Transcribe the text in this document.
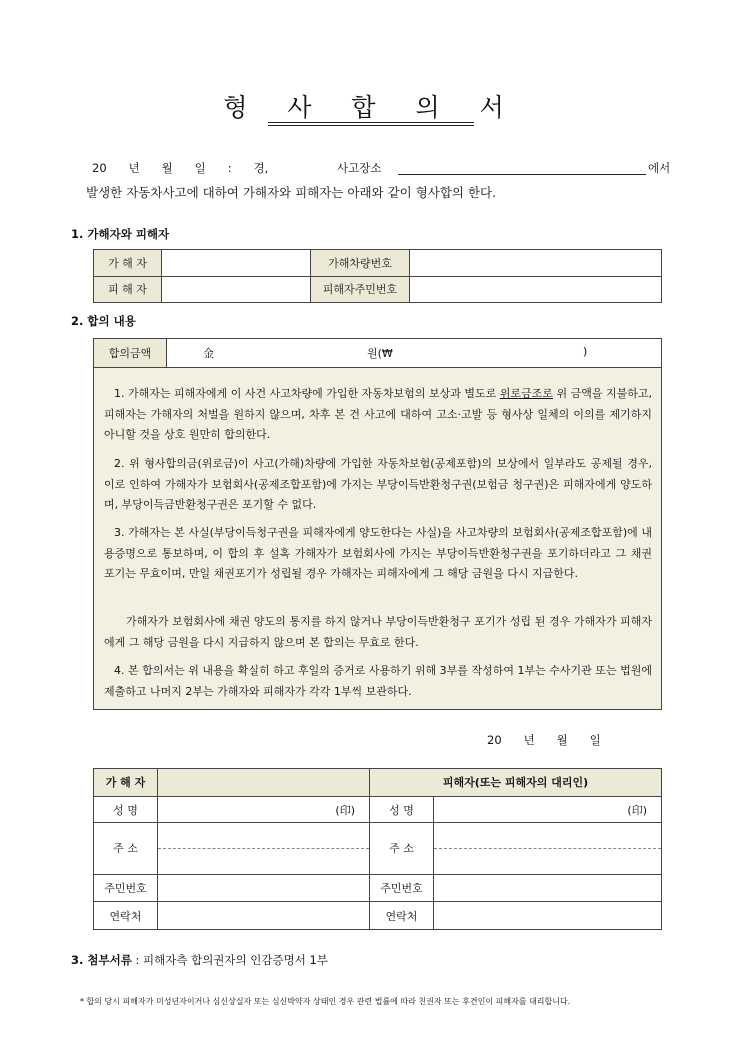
형 사 합 의 서
20      년      월      일      :      경,	사고장소	에서
발생한 자동차사고에 대하여 가해자와 피해자는 아래와 같이 형사합의 한다.
1. 가해자와 피해자
가 해 자		가해차량번호	
피 해 자		피해자주민번호	
2. 합의 내용
합의금액	金	원(₩	)
1. 가해자는 피해자에게 이 사건 사고차량에 가입한 자동차보험의 보상과 별도로 위로금조로 위 금액을 지불하고, 피해자는 가해자의 처벌을 원하지 않으며, 차후 본 건 사고에 대하여 고소·고발 등 형사상 일체의 이의를 제기하지 아니할 것을 상호 원만히 합의한다.
2. 위 형사합의금(위로금)이 사고(가해)차량에 가입한 자동차보험(공제포함)의 보상에서 일부라도 공제될 경우, 이로 인하여 가해자가 보험회사(공제조합포함)에 가지는 부당이득반환청구권(보험금 청구권)은 피해자에게 양도하며, 부당이득금반환청구권은 포기할 수 없다.
3. 가해자는 본 사실(부당이득청구권을 피해자에게 양도한다는 사실)을 사고차량의 보험회사(공제조합포함)에 내용증명으로 통보하며, 이 합의 후 설혹 가해자가 보험회사에 가지는 부당이득반환청구권을 포기하더라고 그 채권 포기는 무효이며, 만일 채권포기가 성립될 경우 가해자는 피해자에게 그 해당 금원을 다시 지급한다.
가해자가 보험회사에 채권 양도의 통지를 하지 않거나 부당이득반환청구 포기가 성립 된 경우 가해자가 피해자에게 그 해당 금원을 다시 지급하지 않으며 본 합의는 무효로 한다.
4. 본 합의서는 위 내용을 확실히 하고 후일의 증거로 사용하기 위해 3부를 작성하여 1부는 수사기관 또는 법원에 제출하고 나머지 2부는 가해자와 피해자가 각각 1부씩 보관하다.
20      년      월      일
가 해 자		피해자(또는 피해자의 대리인)	
성 명	(印)	성 명	(印)
주 소		주 소	

주민번호		주민번호	
연락처		연락처	
3. 첨부서류 : 피해자측 합의권자의 인감증명서 1부
* 합의 당시 피해자가 미성년자이거나 심신상실자 또는 심신박약자 상태인 경우 관련 법률에 따라 친권자 또는 후견인이 피해자를 대리합니다.
